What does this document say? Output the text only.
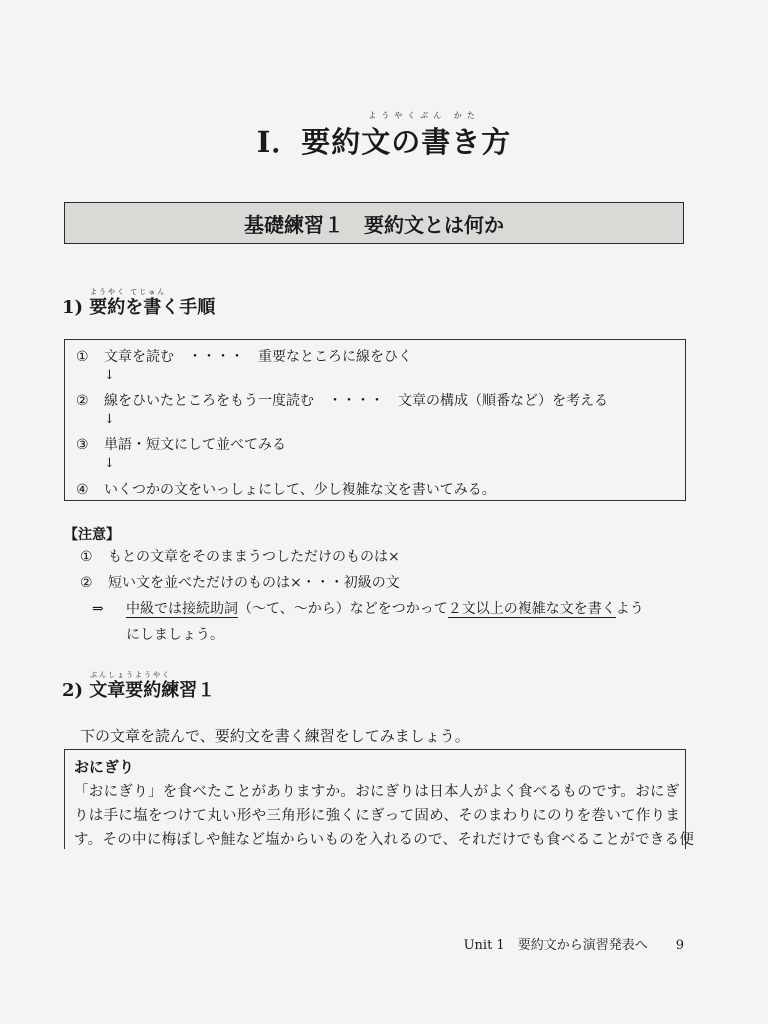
ようやくぶん かた
Ⅰ．要約文の書き方
基礎練習１　要約文とは何か
ようやく てじゅん
1) 要約を書く手順
① 文章を読む　・・・・　重要なところに線をひく
↓
② 線をひいたところをもう一度読む　・・・・　文章の構成（順番など）を考える
↓
③ 単語・短文にして並べてみる
↓
④ いくつかの文をいっしょにして、少し複雑な文を書いてみる。
【注意】
① もとの文章をそのままうつしただけのものは×
② 短い文を並べただけのものは×・・・初級の文
⇒ 中級では接続助詞（～て、～から）などをつかって２文以上の複雑な文を書くよう
にしましょう。
ぶんしょうようやく
2) 文章要約練習１
下の文章を読んで、要約文を書く練習をしてみましょう。
おにぎり
「おにぎり」を食べたことがありますか。おにぎりは日本人がよく食べるものです。おにぎ
りは手に塩をつけて丸い形や三角形に強くにぎって固め、そのまわりにのりを巻いて作りま
す。その中に梅ぼしや鮭など塩からいものを入れるので、それだけでも食べることができる便
Unit 1　要約文から演習発表へ 9
